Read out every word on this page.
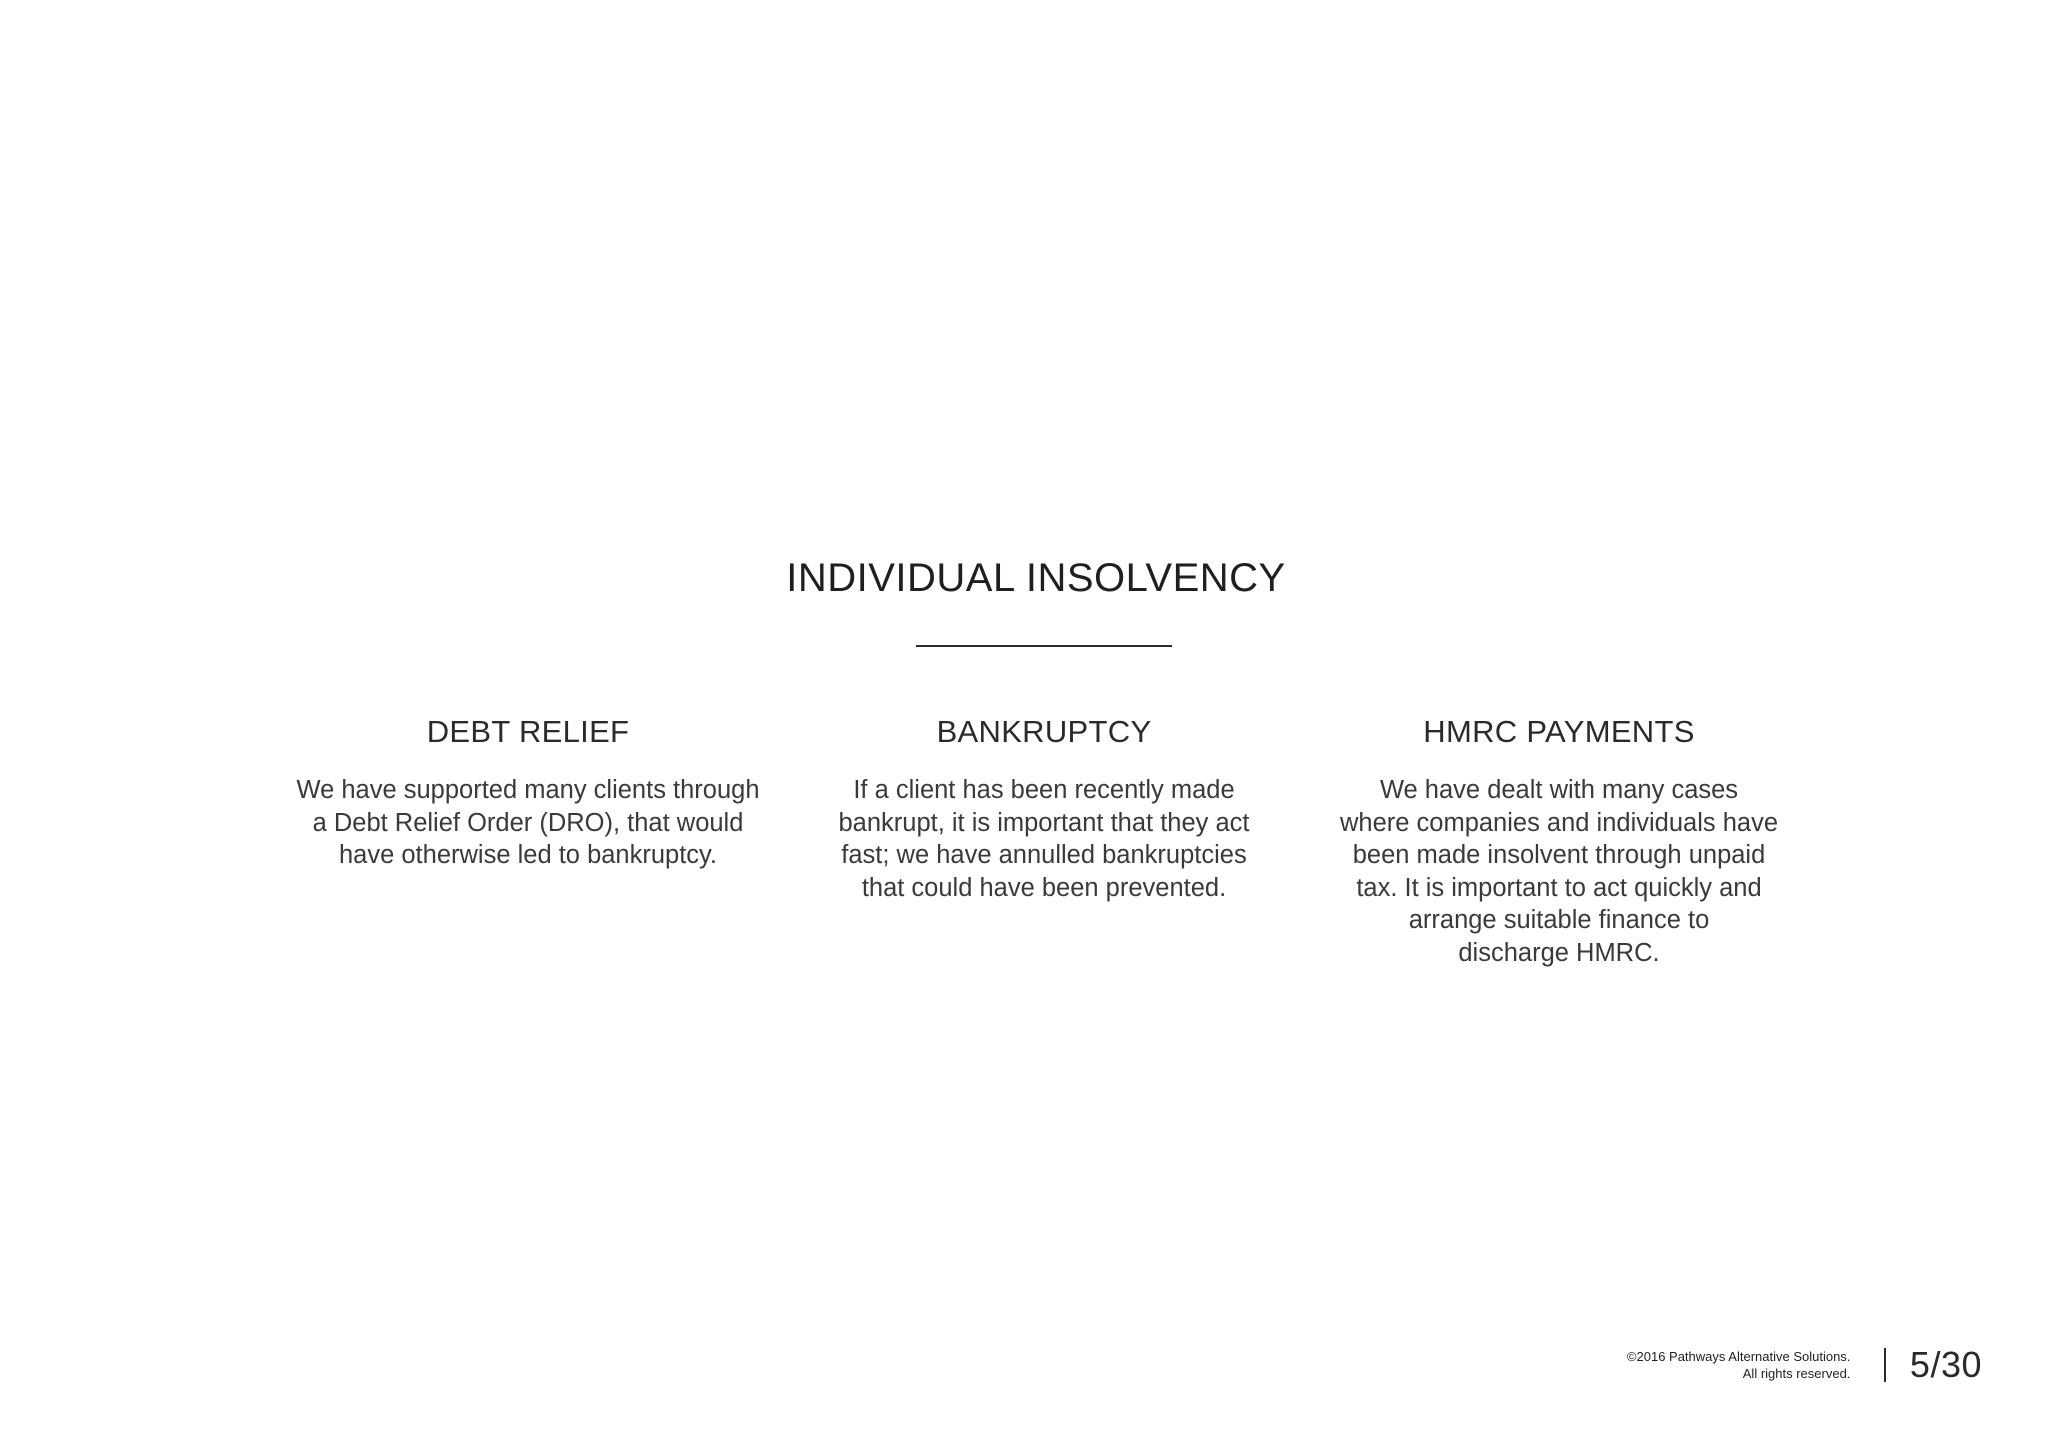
INDIVIDUAL INSOLVENCY
DEBT RELIEF

We have supported many clients through
a Debt Relief Order (DRO), that would
have otherwise led to bankruptcy.

BANKRUPTCY

If a client has been recently made
bankrupt, it is important that they act
fast; we have annulled bankruptcies
that could have been prevented.

HMRC PAYMENTS

We have dealt with many cases
where companies and individuals have
been made insolvent through unpaid
tax. It is important to act quickly and
arrange suitable finance to
discharge HMRC.

©2016 Pathways Alternative Solutions.
All rights reserved. 5/30
